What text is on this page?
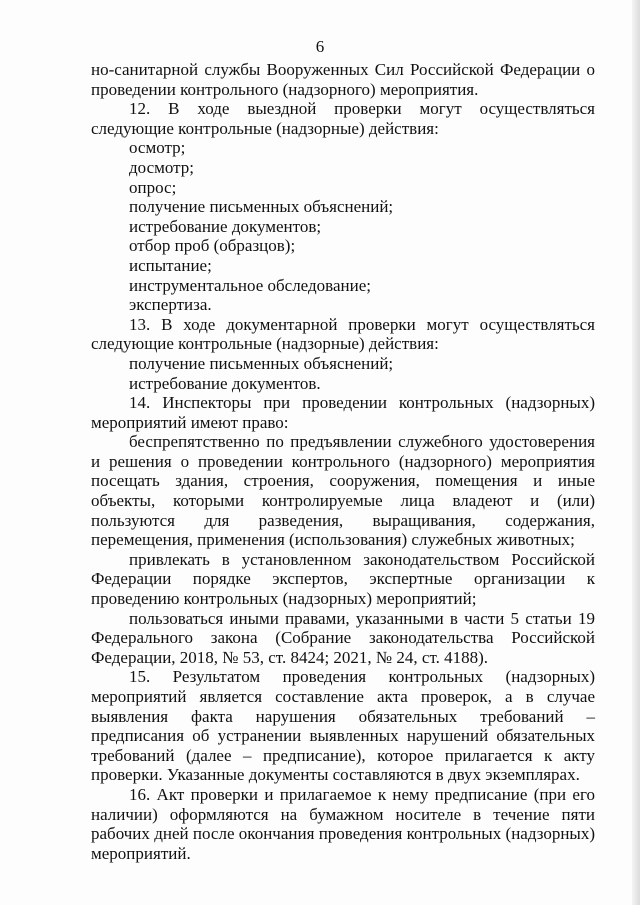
6

но-санитарной службы Вооруженных Сил Российской Федерации о проведении контрольного (надзорного) мероприятия.

12. В ходе выездной проверки могут осуществляться следующие контрольные (надзорные) действия:

осмотр;

досмотр;

опрос;

получение письменных объяснений;

истребование документов;

отбор проб (образцов);

испытание;

инструментальное обследование;

экспертиза.

13. В ходе документарной проверки могут осуществляться следующие контрольные (надзорные) действия:

получение письменных объяснений;

истребование документов.

14. Инспекторы при проведении контрольных (надзорных) мероприятий имеют право:

беспрепятственно по предъявлении служебного удостоверения и решения о проведении контрольного (надзорного) мероприятия посещать здания, строения, сооружения, помещения и иные объекты, которыми контролируемые лица владеют и (или) пользуются для разведения, выращивания, содержания, перемещения, применения (использования) служебных животных;

привлекать в установленном законодательством Российской Федерации порядке экспертов, экспертные организации к проведению контрольных (надзорных) мероприятий;

пользоваться иными правами, указанными в части 5 статьи 19 Федерального закона (Собрание законодательства Российской Федерации, 2018, № 53, ст. 8424; 2021, № 24, ст. 4188).

15. Результатом проведения контрольных (надзорных) мероприятий является составление акта проверок, а в случае выявления факта нарушения обязательных требований – предписания об устранении выявленных нарушений обязательных требований (далее – предписание), которое прилагается к акту проверки. Указанные документы составляются в двух экземплярах.

16. Акт проверки и прилагаемое к нему предписание (при его наличии) оформляются на бумажном носителе в течение пяти рабочих дней после окончания проведения контрольных (надзорных) мероприятий.
